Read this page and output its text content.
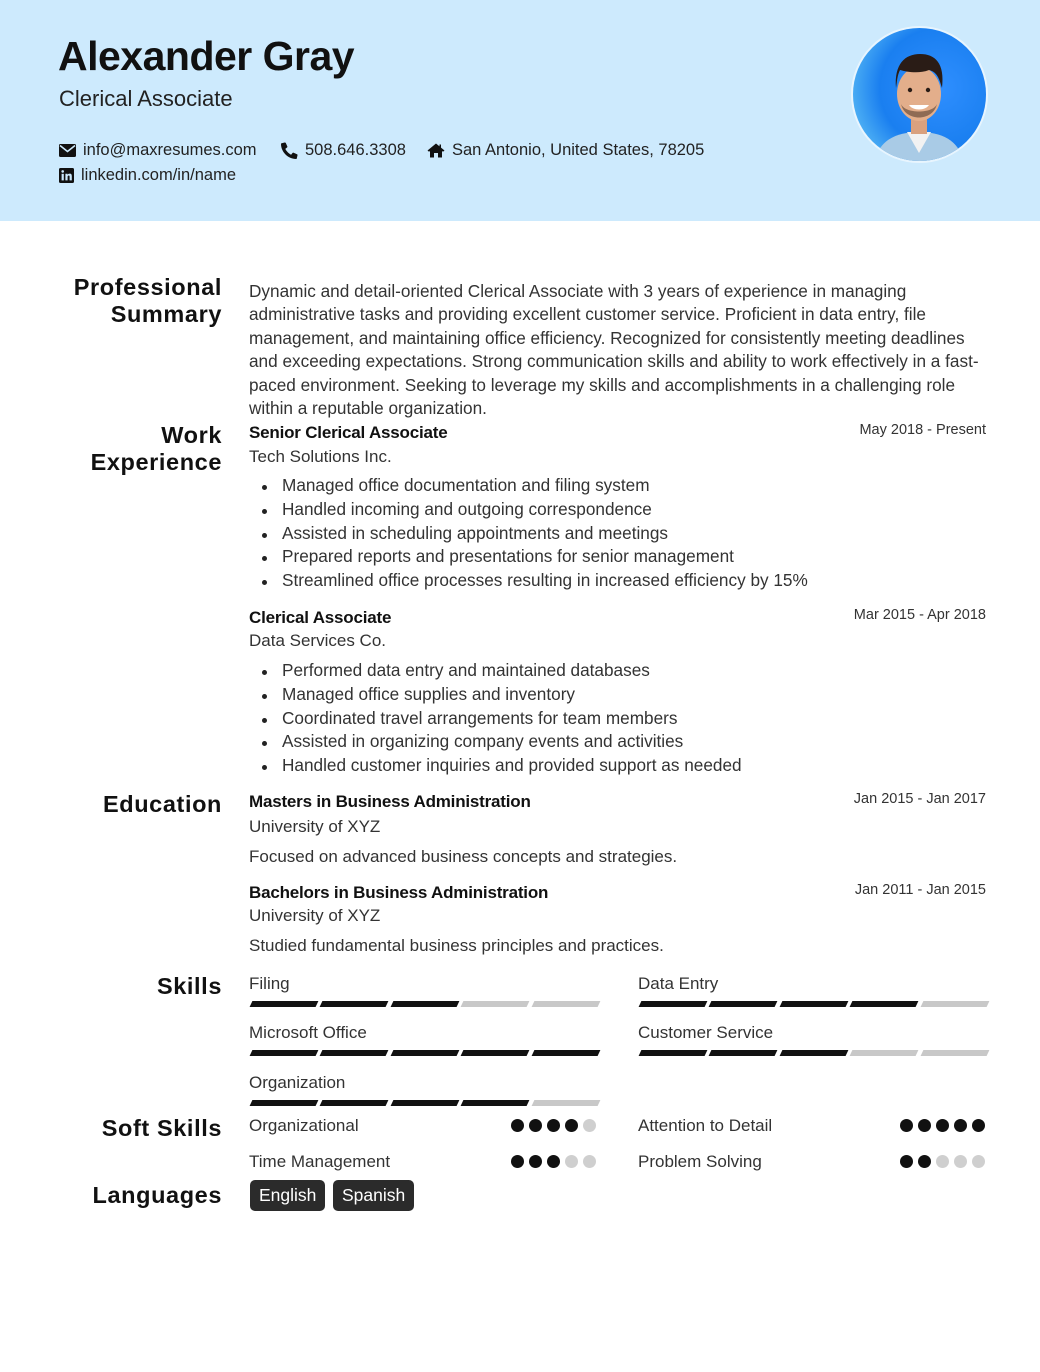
Alexander Gray
Clerical Associate
info@maxresumes.com	508.646.3308	San Antonio, United States, 78205
linkedin.com/in/name
Professional
Summary
Dynamic and detail-oriented Clerical Associate with 3 years of experience in managing administrative tasks and providing excellent customer service. Proficient in data entry, file management, and maintaining office efficiency. Recognized for consistently meeting deadlines and exceeding expectations. Strong communication skills and ability to work effectively in a fast-paced environment. Seeking to leverage my skills and accomplishments in a challenging role within a reputable organization.
Work
Experience
Senior Clerical Associate	May 2018 - Present
Tech Solutions Inc.
Managed office documentation and filing system
Handled incoming and outgoing correspondence
Assisted in scheduling appointments and meetings
Prepared reports and presentations for senior management
Streamlined office processes resulting in increased efficiency by 15%
Clerical Associate	Mar 2015 - Apr 2018
Data Services Co.
Performed data entry and maintained databases
Managed office supplies and inventory
Coordinated travel arrangements for team members
Assisted in organizing company events and activities
Handled customer inquiries and provided support as needed
Education Masters in Business Administration	Jan 2015 - Jan 2017
University of XYZ
Focused on advanced business concepts and strategies.
Bachelors in Business Administration	Jan 2011 - Jan 2015
University of XYZ
Studied fundamental business principles and practices.
Skills Filing	Data Entry
Microsoft Office	Customer Service
Organization
Soft Skills Organizational	Attention to Detail
Time Management	Problem Solving
Languages	English	Spanish
